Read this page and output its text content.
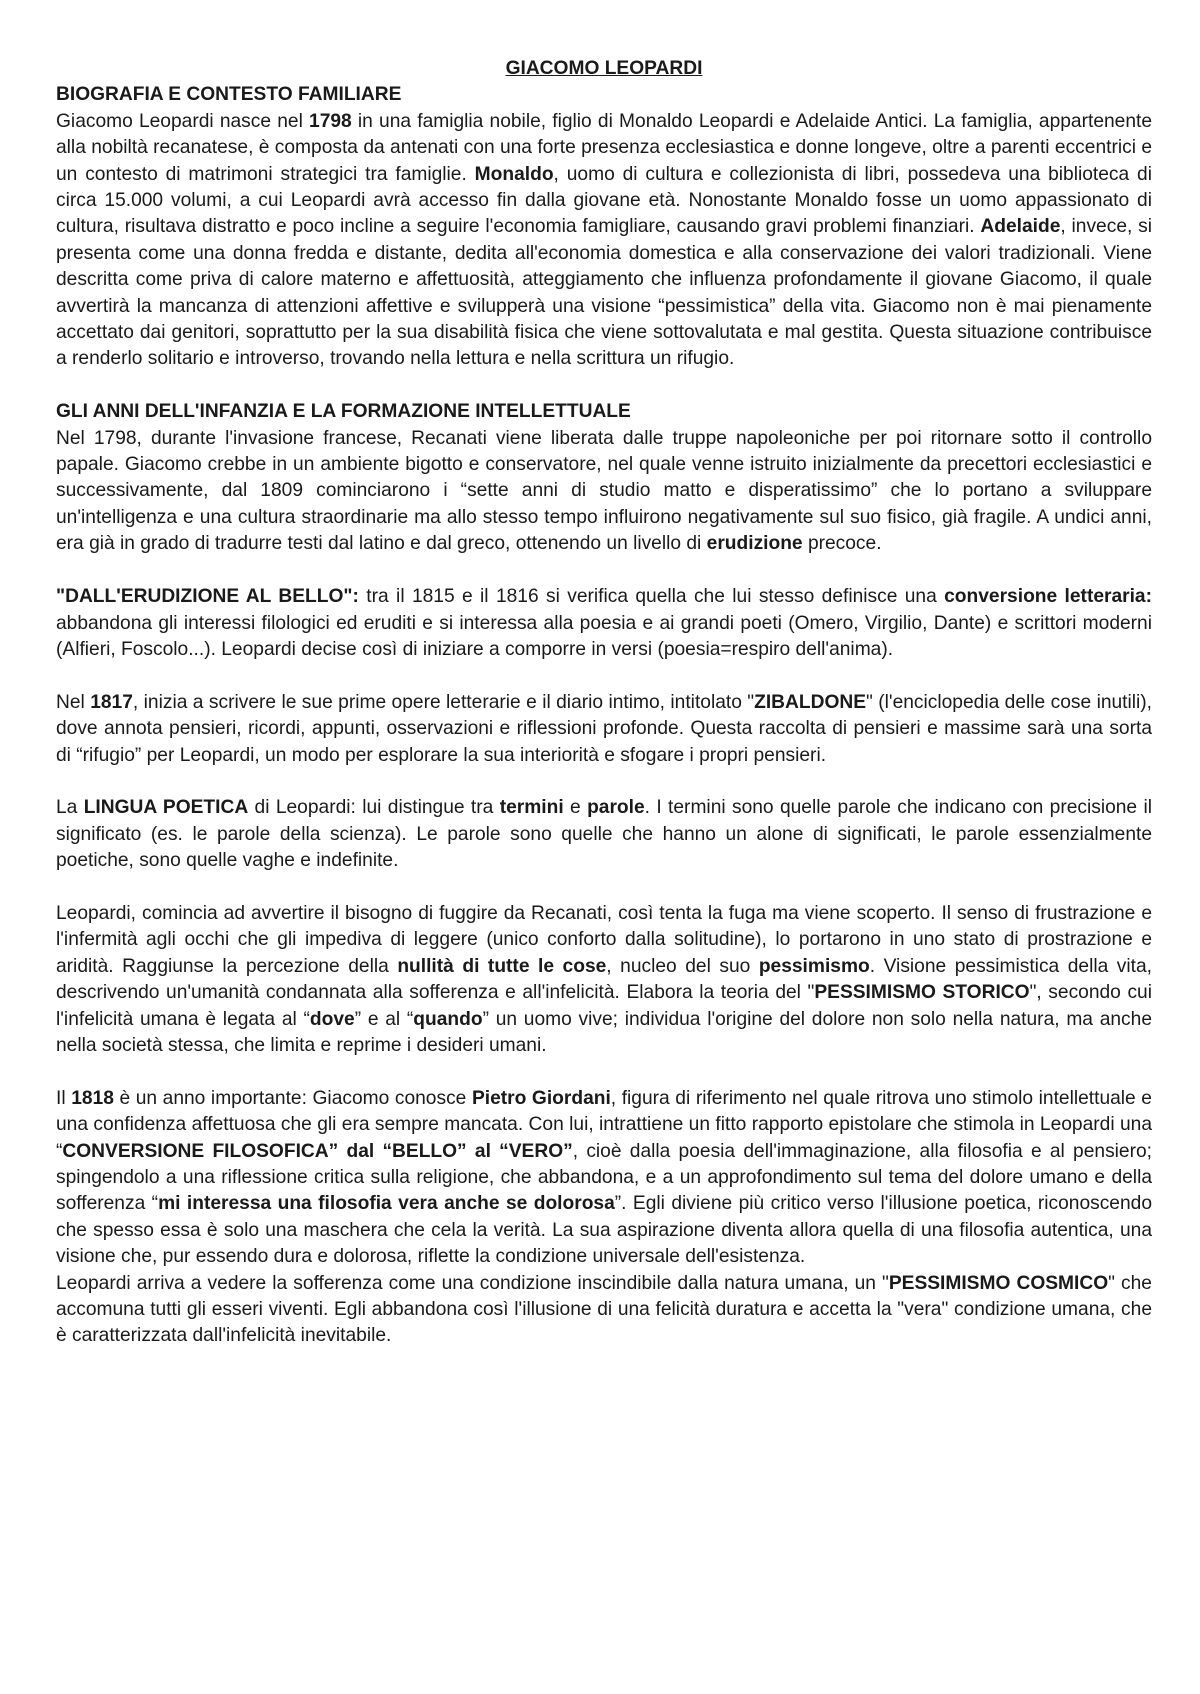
GIACOMO LEOPARDI
BIOGRAFIA E CONTESTO FAMILIARE

Giacomo Leopardi nasce nel 1798 in una famiglia nobile, figlio di Monaldo Leopardi e Adelaide Antici. La famiglia, appartenente alla nobiltà recanatese, è composta da antenati con una forte presenza ecclesiastica e donne longeve, oltre a parenti eccentrici e un contesto di matrimoni strategici tra famiglie. Monaldo, uomo di cultura e collezionista di libri, possedeva una biblioteca di circa 15.000 volumi, a cui Leopardi avrà accesso fin dalla giovane età. Nonostante Monaldo fosse un uomo appassionato di cultura, risultava distratto e poco incline a seguire l'economia famigliare, causando gravi problemi finanziari. Adelaide, invece, si presenta come una donna fredda e distante, dedita all'economia domestica e alla conservazione dei valori tradizionali. Viene descritta come priva di calore materno e affettuosità, atteggiamento che influenza profondamente il giovane Giacomo, il quale avvertirà la mancanza di attenzioni affettive e svilupperà una visione “pessimistica” della vita. Giacomo non è mai pienamente accettato dai genitori, soprattutto per la sua disabilità fisica che viene sottovalutata e mal gestita. Questa situazione contribuisce a renderlo solitario e introverso, trovando nella lettura e nella scrittura un rifugio.

GLI ANNI DELL'INFANZIA E LA FORMAZIONE INTELLETTUALE

Nel 1798, durante l'invasione francese, Recanati viene liberata dalle truppe napoleoniche per poi ritornare sotto il controllo papale. Giacomo crebbe in un ambiente bigotto e conservatore, nel quale venne istruito inizialmente da precettori ecclesiastici e successivamente, dal 1809 cominciarono i “sette anni di studio matto e disperatissimo” che lo portano a sviluppare un'intelligenza e una cultura straordinarie ma allo stesso tempo influirono negativamente sul suo fisico, già fragile. A undici anni, era già in grado di tradurre testi dal latino e dal greco, ottenendo un livello di erudizione precoce.

"DALL'ERUDIZIONE AL BELLO": tra il 1815 e il 1816 si verifica quella che lui stesso definisce una conversione letteraria: abbandona gli interessi filologici ed eruditi e si interessa alla poesia e ai grandi poeti (Omero, Virgilio, Dante) e scrittori moderni (Alfieri, Foscolo...). Leopardi decise così di iniziare a comporre in versi (poesia=respiro dell'anima).

Nel 1817, inizia a scrivere le sue prime opere letterarie e il diario intimo, intitolato "ZIBALDONE" (l'enciclopedia delle cose inutili), dove annota pensieri, ricordi, appunti, osservazioni e riflessioni profonde. Questa raccolta di pensieri e massime sarà una sorta di “rifugio” per Leopardi, un modo per esplorare la sua interiorità e sfogare i propri pensieri.

La LINGUA POETICA di Leopardi: lui distingue tra termini e parole. I termini sono quelle parole che indicano con precisione il significato (es. le parole della scienza). Le parole sono quelle che hanno un alone di significati, le parole essenzialmente poetiche, sono quelle vaghe e indefinite.

Leopardi, comincia ad avvertire il bisogno di fuggire da Recanati, così tenta la fuga ma viene scoperto. Il senso di frustrazione e l'infermità agli occhi che gli impediva di leggere (unico conforto dalla solitudine), lo portarono in uno stato di prostrazione e aridità. Raggiunse la percezione della nullità di tutte le cose, nucleo del suo pessimismo. Visione pessimistica della vita, descrivendo un'umanità condannata alla sofferenza e all'infelicità. Elabora la teoria del "PESSIMISMO STORICO", secondo cui l'infelicità umana è legata al “dove” e al “quando” un uomo vive; individua l'origine del dolore non solo nella natura, ma anche nella società stessa, che limita e reprime i desideri umani.

Il 1818 è un anno importante: Giacomo conosce Pietro Giordani, figura di riferimento nel quale ritrova uno stimolo intellettuale e una confidenza affettuosa che gli era sempre mancata. Con lui, intrattiene un fitto rapporto epistolare che stimola in Leopardi una “CONVERSIONE FILOSOFICA” dal “BELLO” al “VERO”, cioè dalla poesia dell'immaginazione, alla filosofia e al pensiero; spingendolo a una riflessione critica sulla religione, che abbandona, e a un approfondimento sul tema del dolore umano e della sofferenza “mi interessa una filosofia vera anche se dolorosa”. Egli diviene più critico verso l'illusione poetica, riconoscendo che spesso essa è solo una maschera che cela la verità. La sua aspirazione diventa allora quella di una filosofia autentica, una visione che, pur essendo dura e dolorosa, riflette la condizione universale dell'esistenza.

Leopardi arriva a vedere la sofferenza come una condizione inscindibile dalla natura umana, un "PESSIMISMO COSMICO" che accomuna tutti gli esseri viventi. Egli abbandona così l'illusione di una felicità duratura e accetta la "vera" condizione umana, che è caratterizzata dall'infelicità inevitabile.
